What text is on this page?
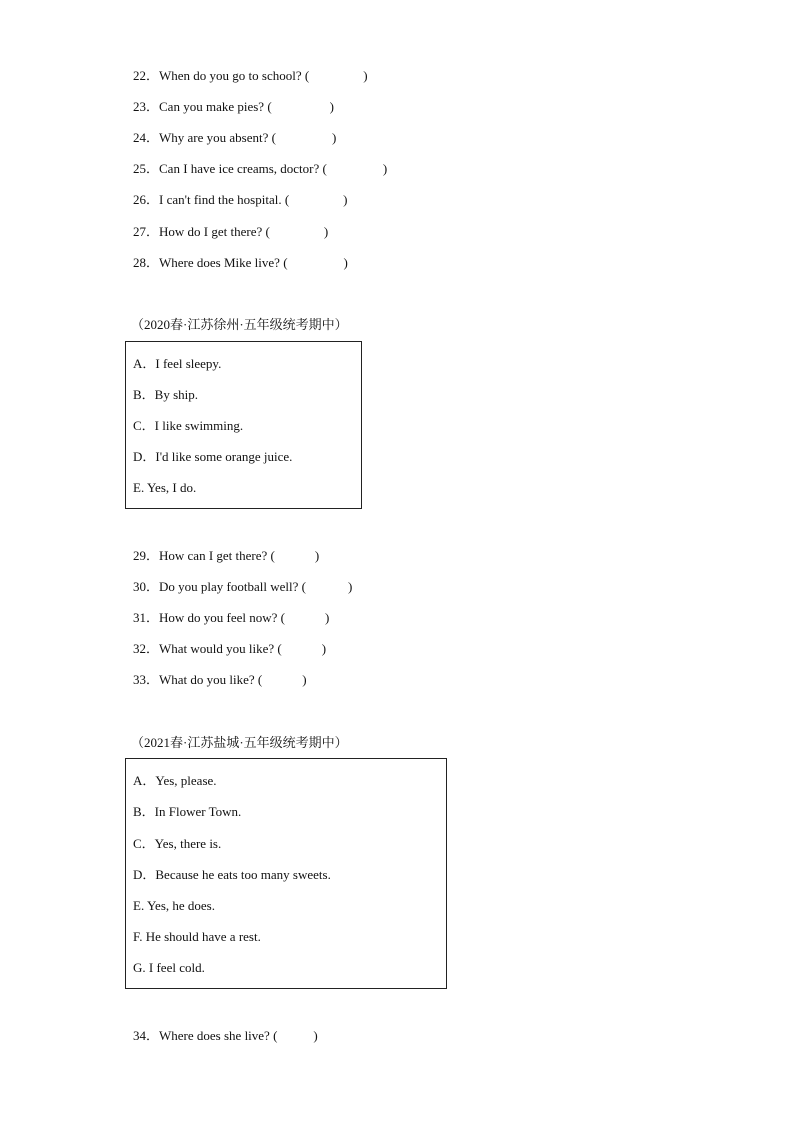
22．When do you go to school? (	)
23．Can you make pies? (	)
24．Why are you absent? (	)
25．Can I have ice creams, doctor? (	)
26．I can't find the hospital. (	)
27．How do I get there? (	)
28．Where does Mike live? (	)
（2020春·江苏徐州·五年级统考期中）
A．I feel sleepy.
B．By ship.
C．I like swimming.
D．I'd like some orange juice.
E. Yes, I do.
29．How can I get there? (	)
30．Do you play football well? (	)
31．How do you feel now? (	)
32．What would you like? (	)
33．What do you like? (	)
（2021春·江苏盐城·五年级统考期中）
A．Yes, please.
B．In Flower Town.
C．Yes, there is.
D．Because he eats too many sweets.
E. Yes, he does.
F. He should have a rest.
G. I feel cold.
34．Where does she live? (	)
